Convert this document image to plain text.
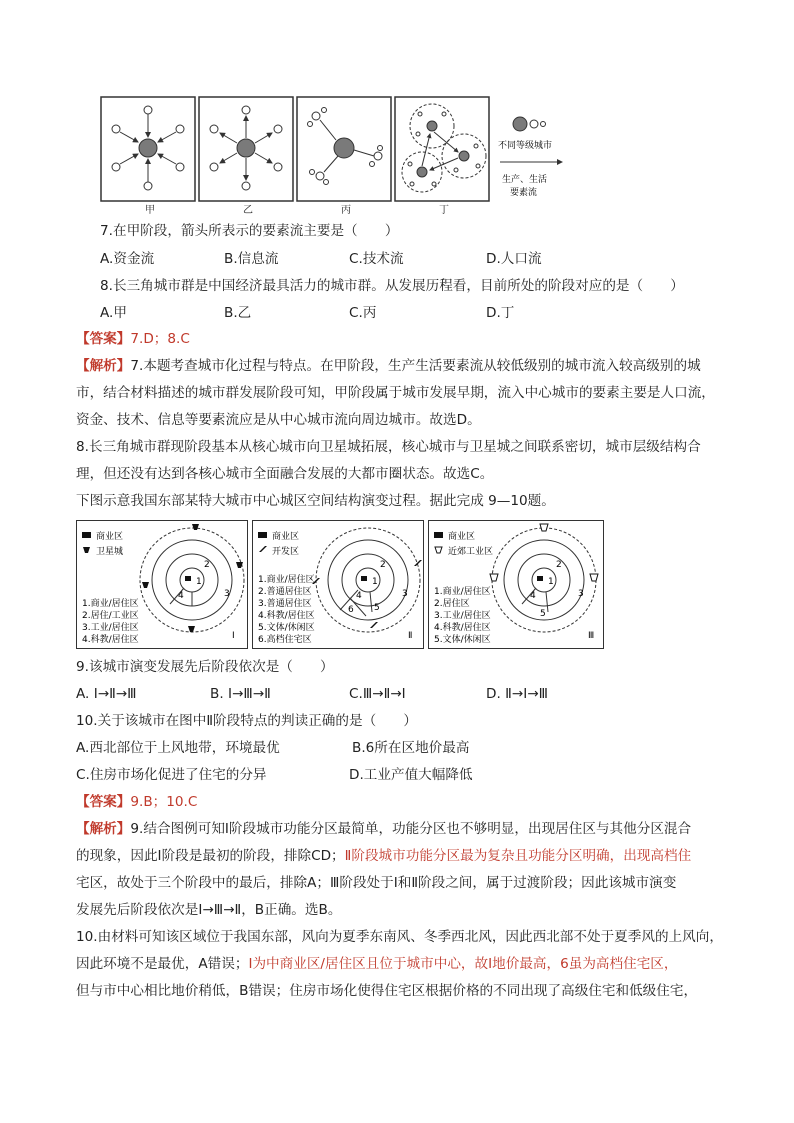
不同等级城市
生产、生活
要素流
甲	乙	丙	丁
7.在甲阶段，箭头所表示的要素流主要是（　　）
A.资金流	B.信息流	C.技术流	D.人口流
8.长三角城市群是中国经济最具活力的城市群。从发展历程看，目前所处的阶段对应的是（　　）
A.甲	B.乙	C.丙	D.丁
【答案】7.D；8.C
【解析】7.本题考查城市化过程与特点。在甲阶段，生产生活要素流从较低级别的城市流入较高级别的城
市，结合材料描述的城市群发展阶段可知，甲阶段属于城市发展早期，流入中心城市的要素主要是人口流，
资金、技术、信息等要素流应是从中心城市流向周边城市。故选D。
8.长三角城市群现阶段基本从核心城市向卫星城拓展，核心城市与卫星城之间联系密切，城市层级结构合
理，但还没有达到各核心城市全面融合发展的大都市圈状态。故选C。
下图示意我国东部某特大城市中心城区空间结构演变过程。据此完成 9—10题。
商业区
卫星城
1
2
3
4
1.商业/居住区
2.居住/工业区
3.工业/居住区
4.科教/居住区	Ⅰ
商业区
开发区
1
2
3
4
5
6
1.商业/居住区
2.普通居住区
3.普通居住区
4.科教/居住区
5.文体/休闲区
6.高档住宅区	Ⅱ
商业区
近郊工业区
1
2
3
4
5
1.商业/居住区
2.居住区
3.工业/居住区
4.科教/居住区
5.文体/休闲区	Ⅲ
9.该城市演变发展先后阶段依次是（　　）
A. Ⅰ→Ⅱ→Ⅲ	B. Ⅰ→Ⅲ→Ⅱ	C.Ⅲ→Ⅱ→Ⅰ	D. Ⅱ→Ⅰ→Ⅲ
10.关于该城市在图中Ⅱ阶段特点的判读正确的是（　　）
A.西北部位于上风地带，环境最优	B.6所在区地价最高
C.住房市场化促进了住宅的分异	D.工业产值大幅降低
【答案】9.B；10.C
【解析】9.结合图例可知Ⅰ阶段城市功能分区最简单，功能分区也不够明显，出现居住区与其他分区混合
的现象，因此Ⅰ阶段是最初的阶段，排除CD；Ⅱ阶段城市功能分区最为复杂且功能分区明确，出现高档住
宅区，故处于三个阶段中的最后，排除A；Ⅲ阶段处于Ⅰ和Ⅱ阶段之间，属于过渡阶段；因此该城市演变
发展先后阶段依次是Ⅰ→Ⅲ→Ⅱ，B正确。选B。
10.由材料可知该区域位于我国东部，风向为夏季东南风、冬季西北风，因此西北部不处于夏季风的上风向，
因此环境不是最优，A错误；Ⅰ为中商业区/居住区且位于城市中心，故Ⅰ地价最高，6虽为高档住宅区，
但与市中心相比地价稍低，B错误；住房市场化使得住宅区根据价格的不同出现了高级住宅和低级住宅，
